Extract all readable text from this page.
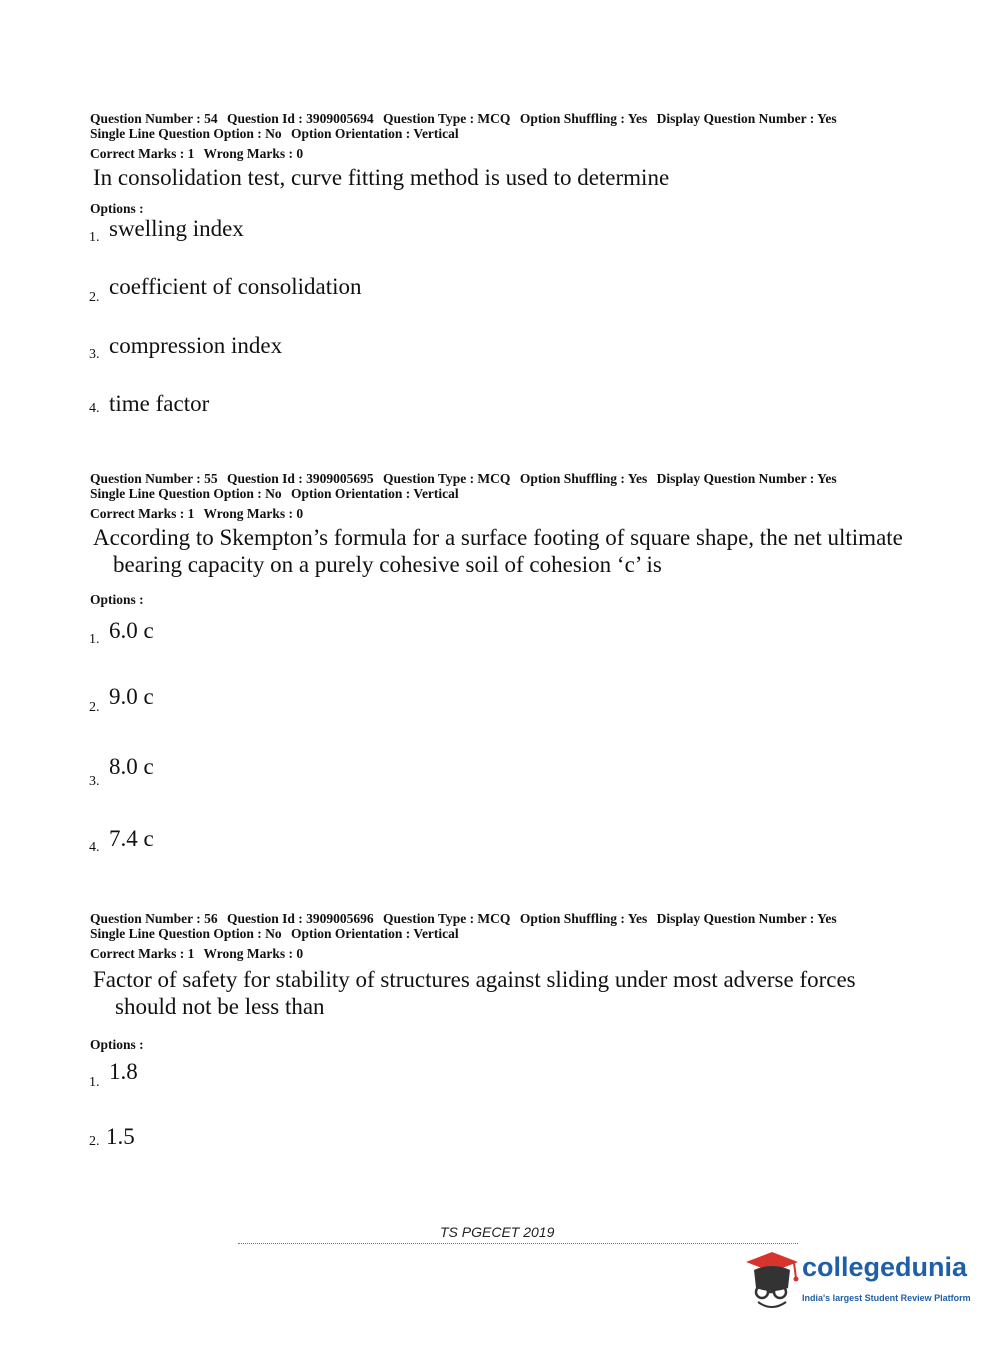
Question Number : 54 Question Id : 3909005694 Question Type : MCQ Option Shuffling : Yes Display Question Number : Yes
Single Line Question Option : No Option Orientation : Vertical
Correct Marks : 1 Wrong Marks : 0
In consolidation test, curve fitting method is used to determine
Options :
1. swelling index
2. coefficient of consolidation
3. compression index
4. time factor
Question Number : 55 Question Id : 3909005695 Question Type : MCQ Option Shuffling : Yes Display Question Number : Yes
Single Line Question Option : No Option Orientation : Vertical
Correct Marks : 1 Wrong Marks : 0
According to Skempton’s formula for a surface footing of square shape, the net ultimate
bearing capacity on a purely cohesive soil of cohesion ‘c’ is
Options :
1. 6.0 c
2. 9.0 c
3.
8.0 c
4. 7.4 c
Question Number : 56 Question Id : 3909005696 Question Type : MCQ Option Shuffling : Yes Display Question Number : Yes
Single Line Question Option : No Option Orientation : Vertical
Correct Marks : 1 Wrong Marks : 0
Factor of safety for stability of structures against sliding under most adverse forces
should not be less than
Options :
1. 1.8
2. 1.5
TS PGECET 2019
collegedunia
India's largest Student Review Platform
